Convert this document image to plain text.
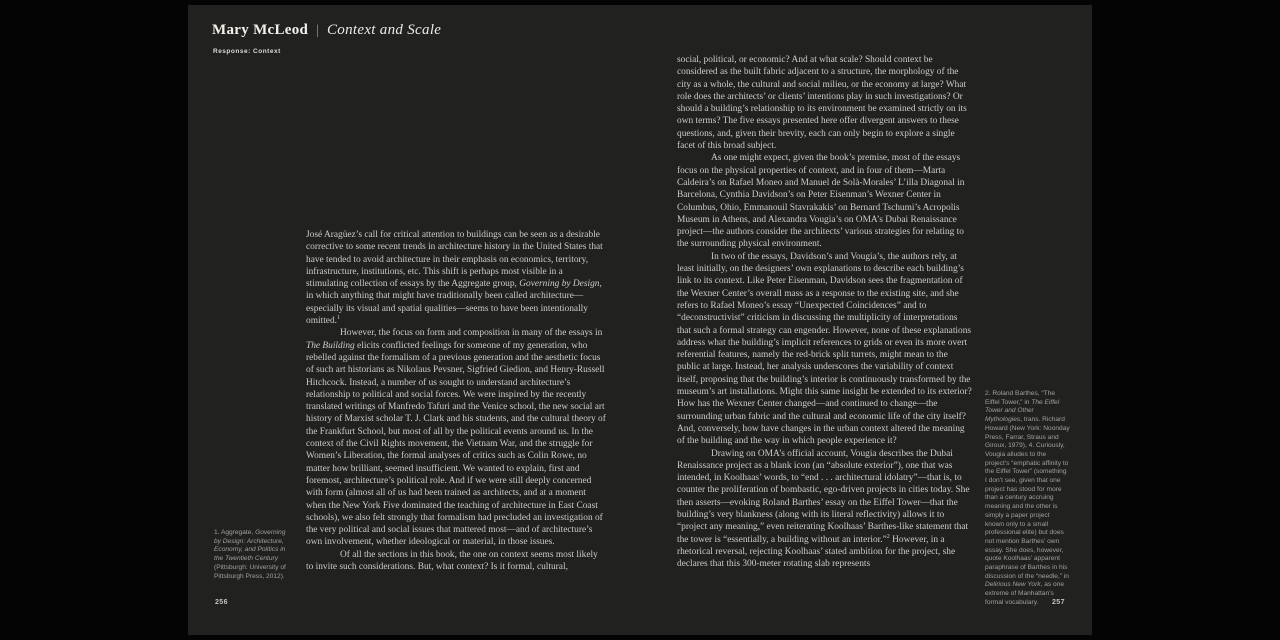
Mary McLeod | Context and Scale
Response: Context

José Aragüez’s call for critical attention to buildings can be seen as a desirable corrective to some recent trends in architecture history in the United States that have tended to avoid architecture in their emphasis on economics, territory, infrastructure, institutions, etc. This shift is perhaps most visible in a stimulating collection of essays by the Aggregate group, Governing by Design, in which anything that might have traditionally been called architecture—especially its visual and spatial qualities—seems to have been intentionally omitted.$^1$

However, the focus on form and composition in many of the essays in The Building elicits conflicted feelings for someone of my generation, who rebelled against the formalism of a previous generation and the aesthetic focus of such art historians as Nikolaus Pevsner, Sigfried Giedion, and Henry-Russell Hitchcock. Instead, a number of us sought to understand architecture’s relationship to political and social forces. We were inspired by the recently translated writings of Manfredo Tafuri and the Venice school, the new social art history of Marxist scholar T. J. Clark and his students, and the cultural theory of the Frankfurt School, but most of all by the political events around us. In the context of the Civil Rights movement, the Vietnam War, and the struggle for Women’s Liberation, the formal analyses of critics such as Colin Rowe, no matter how brilliant, seemed insufficient. We wanted to explain, first and foremost, architecture’s political role. And if we were still deeply concerned with form (almost all of us had been trained as architects, and at a moment when the New York Five dominated the teaching of architecture in East Coast schools), we also felt strongly that formalism had precluded an investigation of the very political and social issues that mattered most—and of architecture’s own involvement, whether ideological or material, in those issues.

Of all the sections in this book, the one on context seems most likely to invite such considerations. But, what context? Is it formal, cultural,

social, political, or economic? And at what scale? Should context be considered as the built fabric adjacent to a structure, the morphology of the city as a whole, the cultural and social milieu, or the economy at large? What role does the architects’ or clients’ intentions play in such investigations? Or should a building’s relationship to its environment be examined strictly on its own terms? The five essays presented here offer divergent answers to these questions, and, given their brevity, each can only begin to explore a single facet of this broad subject.

As one might expect, given the book’s premise, most of the essays focus on the physical properties of context, and in four of them—Marta Caldeira’s on Rafael Moneo and Manuel de Solà-Morales’ L’illa Diagonal in Barcelona, Cynthia Davidson’s on Peter Eisenman’s Wexner Center in Columbus, Ohio, Emmanouil Stavrakakis’ on Bernard Tschumi’s Acropolis Museum in Athens, and Alexandra Vougia’s on OMA’s Dubai Renaissance project—the authors consider the architects’ various strategies for relating to the surrounding physical environment.

In two of the essays, Davidson’s and Vougia’s, the authors rely, at least initially, on the designers’ own explanations to describe each building’s link to its context. Like Peter Eisenman, Davidson sees the fragmentation of the Wexner Center’s overall mass as a response to the existing site, and she refers to Rafael Moneo’s essay “Unexpected Coincidences” and to “deconstructivist” criticism in discussing the multiplicity of interpretations that such a formal strategy can engender. However, none of these explanations address what the building’s implicit references to grids or even its more overt referential features, namely the red-brick split turrets, might mean to the public at large. Instead, her analysis underscores the variability of context itself, proposing that the building’s interior is continuously transformed by the museum’s art installations. Might this same insight be extended to its exterior? How has the Wexner Center changed—and continued to change—the surrounding urban fabric and the cultural and economic life of the city itself? And, conversely, how have changes in the urban context altered the meaning of the building and the way in which people experience it?

Drawing on OMA’s official account, Vougia describes the Dubai Renaissance project as a blank icon (an “absolute exterior”), one that was intended, in Koolhaas’ words, to “end . . . architectural idolatry”—that is, to counter the proliferation of bombastic, ego-driven projects in cities today. She then asserts—evoking Roland Barthes’ essay on the Eiffel Tower—that the building’s very blankness (along with its literal reflectivity) allows it to “project any meaning,” even reiterating Koolhaas’ Barthes-like statement that the tower is “essentially, a building without an interior.”$^2$ However, in a rhetorical reversal, rejecting Koolhaas’ stated ambition for the project, she declares that this 300-meter rotating slab represents

1. Aggregate, Governing by Design: Architecture, Economy, and Politics in the Twentieth Century (Pittsburgh: University of Pittsburgh Press, 2012).
2. Roland Barthes, “The Eiffel Tower,” in The Eiffel Tower and Other Mythologies, trans. Richard Howard (New York: Noonday Press, Farrar, Straus and Giroux, 1979), 4. Curiously, Vougia alludes to the project’s “emphatic affinity to the Eiffel Tower” (something I don’t see, given that one project has stood for more than a century accruing meaning and the other is simply a paper project known only to a small professional elite) but does not mention Barthes’ own essay. She does, however, quote Koolhaas’ apparent paraphrase of Barthes in his discussion of the “needle,” in Delirious New York, as one extreme of Manhattan’s formal vocabulary.
256	257
